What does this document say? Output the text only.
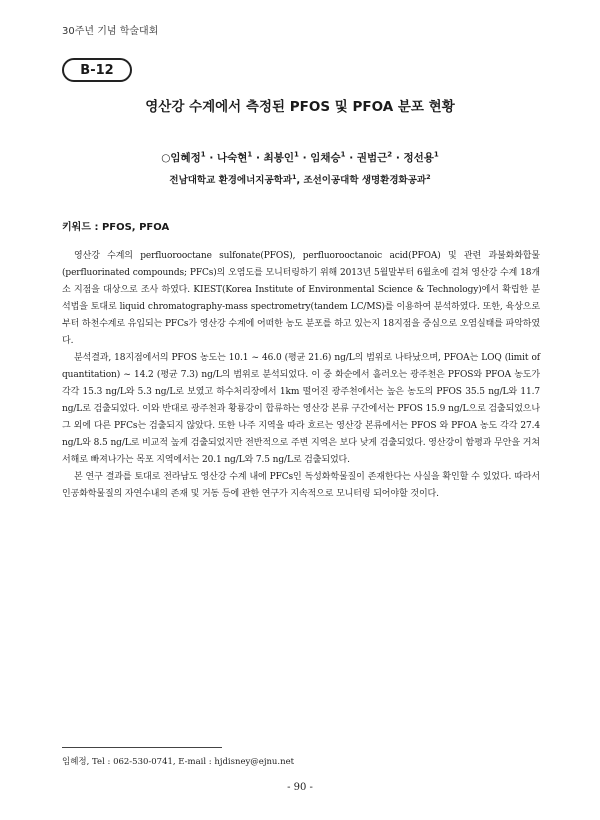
30주년 기념 학술대회
B-12
영산강 수계에서 측정된 PFOS 및 PFOA 분포 현황
○임혜정$^1$ · 나숙현$^1$ · 최봉인$^1$ · 임채승$^1$ · 권범근$^2$ · 정선용$^1$
전남대학교 환경에너지공학과$^1$, 조선이공대학 생명환경화공과$^2$
키워드 : PFOS, PFOA

영산강 수계의 perfluorooctane sulfonate(PFOS), perfluorooctanoic acid(PFOA) 및 관련 과불화화합물(perfluorinated compounds; PFCs)의 오염도를 모니터링하기 위해 2013년 5월말부터 6월초에 걸쳐 영산강 수계 18개소 지점을 대상으로 조사 하였다. KIEST(Korea Institute of Environmental Science & Technology)에서 확립한 분석법을 토대로 liquid chromatography-mass spectrometry(tandem LC/MS)를 이용하여 분석하였다. 또한, 육상으로부터 하천수계로 유입되는 PFCs가 영산강 수계에 어떠한 농도 분포를 하고 있는지 18지점을 중심으로 오염실태를 파악하였다.

분석결과, 18지점에서의 PFOS 농도는 10.1 ~ 46.0 (평균 21.6) ng/L의 범위로 나타났으며, PFOA는 LOQ (limit of quantitation) ~ 14.2 (평균 7.3) ng/L의 범위로 분석되었다. 이 중 화순에서 흘러오는 광주천은 PFOS와 PFOA 농도가 각각 15.3 ng/L와 5.3 ng/L로 보였고 하수처리장에서 1km 떨어진 광주천에서는 높은 농도의 PFOS 35.5 ng/L와 11.7 ng/L로 검출되었다. 이와 반대로 광주천과 황룡강이 합류하는 영산강 본류 구간에서는 PFOS 15.9 ng/L으로 검출되었으나 그 외에 다른 PFCs는 검출되지 않았다. 또한 나주 지역을 따라 흐르는 영산강 본류에서는 PFOS 와 PFOA 농도 각각 27.4 ng/L와 8.5 ng/L로 비교적 높게 검출되었지만 전반적으로 주변 지역은 보다 낮게 검출되었다. 영산강이 함평과 무안을 거쳐 서해로 빠져나가는 목포 지역에서는 20.1 ng/L와 7.5 ng/L로 검출되었다.

본 연구 결과를 토대로 전라남도 영산강 수계 내에 PFCs인 독성화학물질이 존재한다는 사실을 확인할 수 있었다. 따라서 인공화학물질의 자연수내의 존재 및 거동 등에 관한 연구가 지속적으로 모니터링 되어야할 것이다.

임혜정, Tel : 062-530-0741, E-mail : hjdisney@ejnu.net
- 90 -
